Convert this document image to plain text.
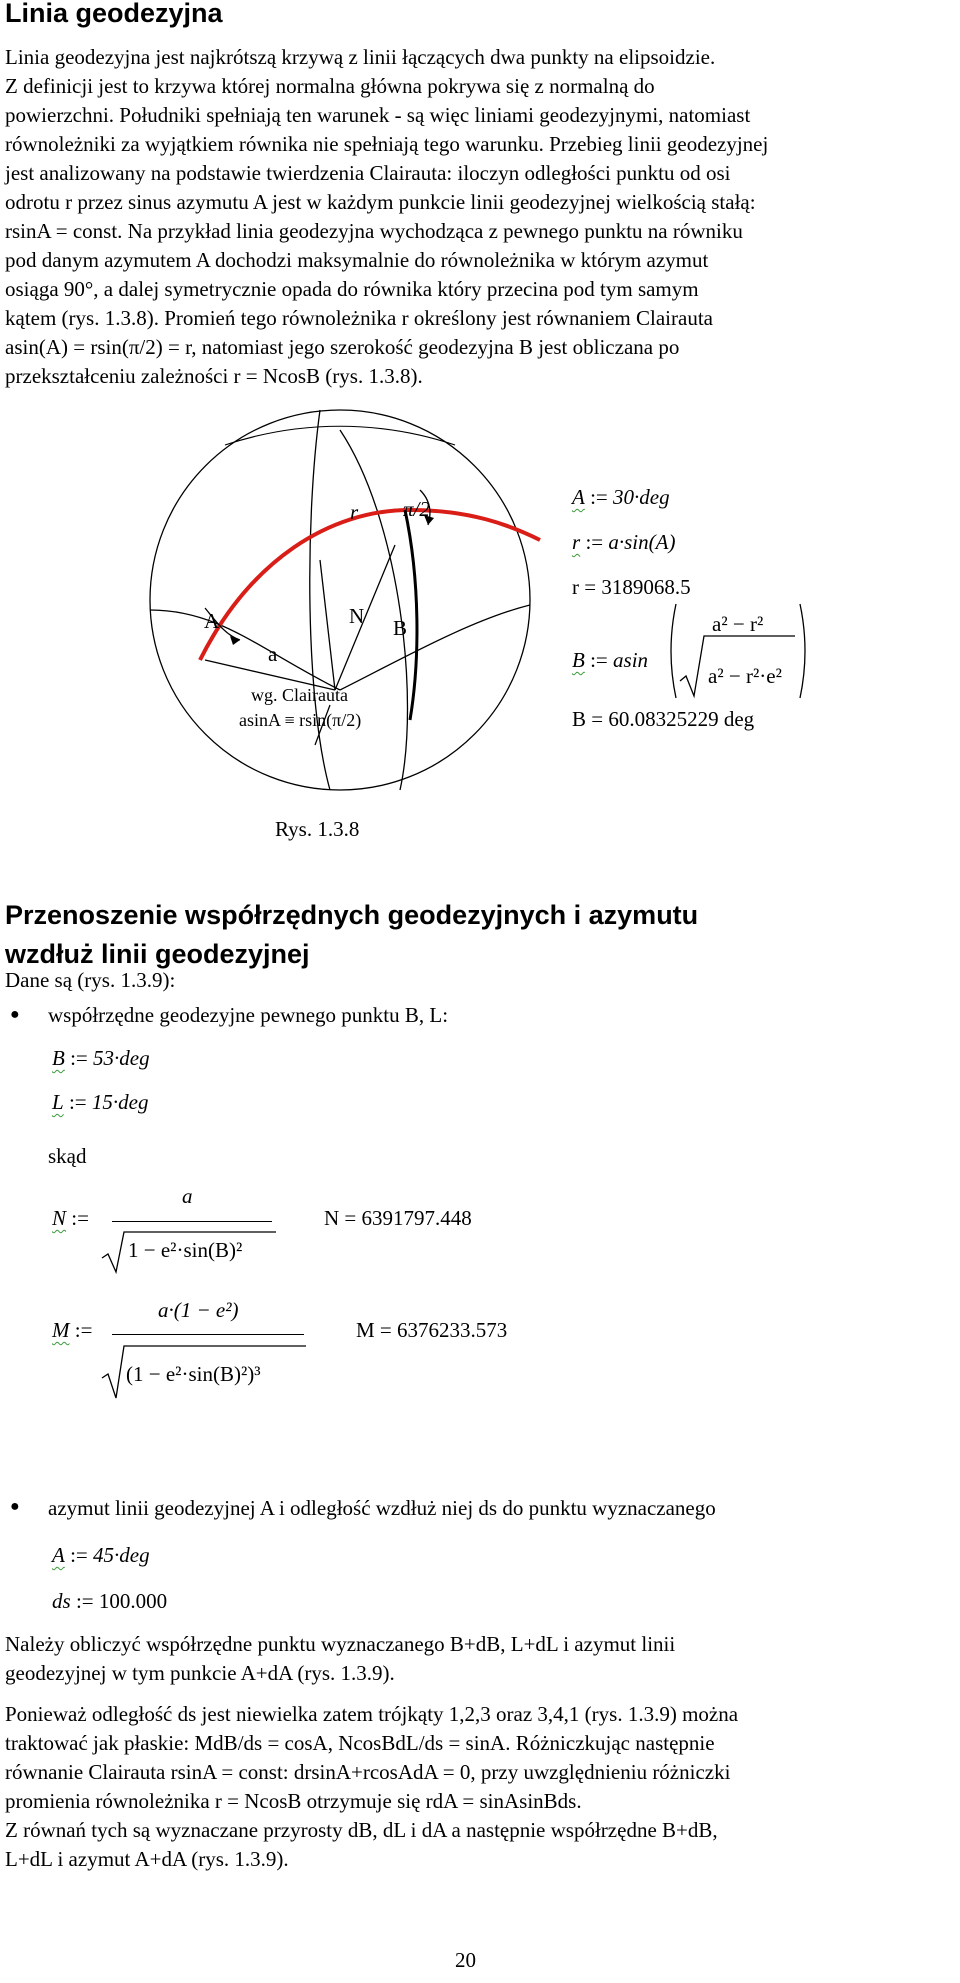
Linia geodezyjna
Linia geodezyjna jest najkrótszą krzywą z linii łączących dwa punkty na elipsoidzie.
Z definicji jest to krzywa której normalna główna pokrywa się z normalną do
powierzchni. Południki spełniają ten warunek - są więc liniami geodezyjnymi, natomiast
równoleżniki za wyjątkiem równika nie spełniają tego warunku. Przebieg linii geodezyjnej
jest analizowany na podstawie twierdzenia Clairauta: iloczyn odległości punktu od osi
odrotu r przez sinus azymutu A jest w każdym punkcie linii geodezyjnej wielkością stałą:
rsinA = const. Na przykład linia geodezyjna wychodząca z pewnego punktu na równiku
pod danym azymutem A dochodzi maksymalnie do równoleżnika w którym azymut
osiąga 90°, a dalej symetrycznie opada do równika który przecina pod tym samym
kątem (rys. 1.3.8). Promień tego równoleżnika r określony jest równaniem Clairauta
asin(A) = rsin(π/2) = r, natomiast jego szerokość geodezyjna B jest obliczana po
przekształceniu zależności r = NcosB (rys. 1.3.8).
r π/2
A	N B
a
wg. Clairauta
asinA ≡ rsin(π/2)
Rys. 1.3.8
A := 30·deg
r := a·sin(A)
r = 3189068.5
B := asin
a² − r²
a² − r²·e²
B = 60.08325229 deg
Przenoszenie współrzędnych geodezyjnych i azymutu
wzdłuż linii geodezyjnej
Dane są (rys. 1.3.9):
● współrzędne geodezyjne pewnego punktu B, L:
B := 53·deg
L := 15·deg
skąd
N :=
a
1 − e²·sin(B)²
N = 6391797.448
M :=
a·(1 − e²)
(1 − e²·sin(B)²)³
M = 6376233.573
● azymut linii geodezyjnej A i odległość wzdłuż niej ds do punktu wyznaczanego
A := 45·deg
ds := 100.000
Należy obliczyć współrzędne punktu wyznaczanego B+dB, L+dL i azymut linii
geodezyjnej w tym punkcie A+dA (rys. 1.3.9).
Ponieważ odległość ds jest niewielka zatem trójkąty 1,2,3 oraz 3,4,1 (rys. 1.3.9) można
traktować jak płaskie: MdB/ds = cosA, NcosBdL/ds = sinA. Różniczkując następnie
równanie Clairauta rsinA = const: drsinA+rcosAdA = 0, przy uwzględnieniu różniczki
promienia równoleżnika r = NcosB otrzymuje się rdA = sinAsinBds.
Z równań tych są wyznaczane przyrosty dB, dL i dA a następnie współrzędne B+dB,
L+dL i azymut A+dA (rys. 1.3.9).
20
